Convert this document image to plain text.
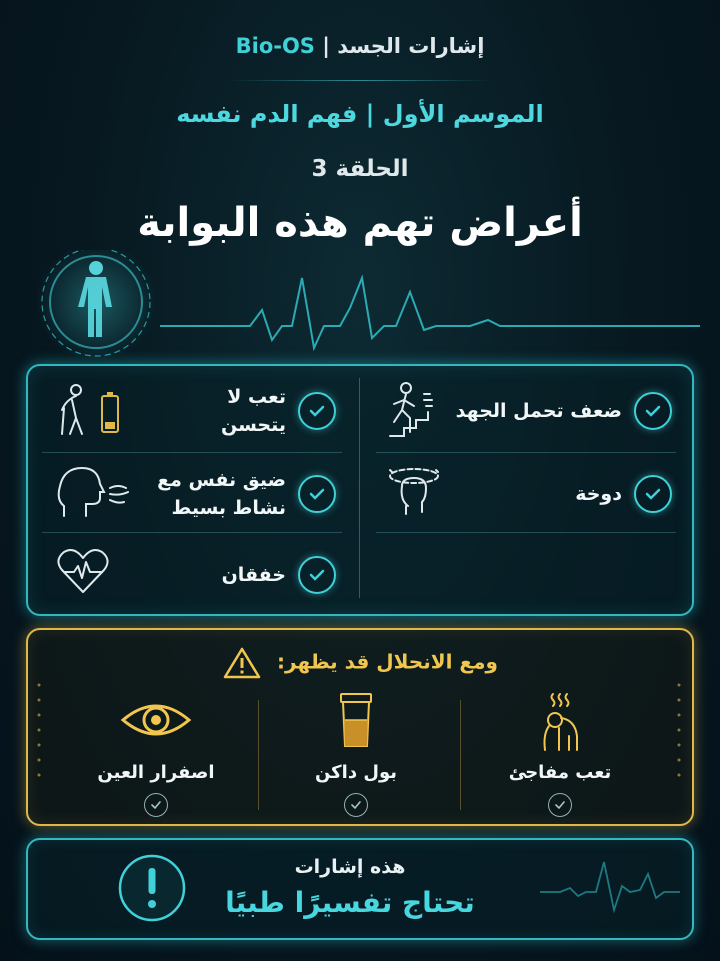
إشارات الجسد | Bio-OS
الموسم الأول | فهم الدم نفسه
الحلقة 3
أعراض تهم هذه البوابة
ضعف تحمل الجهد
تعب لا يتحسن
دوخة
ضيق نفس مع نشاط بسيط
خفقان
ومع الانحلال قد يظهر:
تعب مفاجئ
بول داكن
اصفرار العين
هذه إشارات
تحتاج تفسيرًا طبيًا
